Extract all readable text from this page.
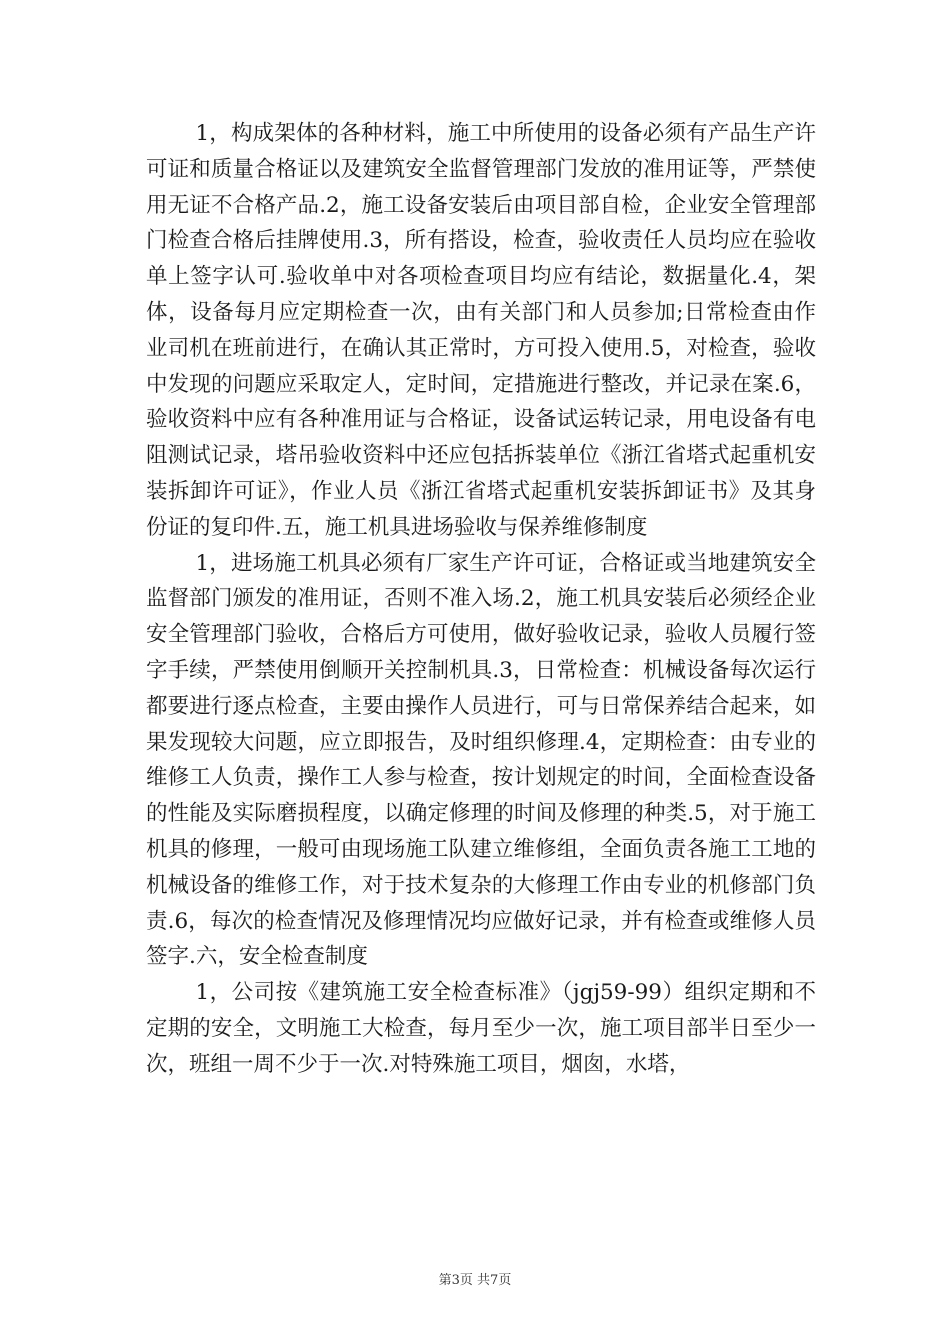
1，构成架体的各种材料，施工中所使用的设备必须有产品生产许可证和质量合格证以及建筑安全监督管理部门发放的准用证等，严禁使用无证不合格产品.2，施工设备安装后由项目部自检，企业安全管理部门检查合格后挂牌使用.3，所有搭设，检查，验收责任人员均应在验收单上签字认可.验收单中对各项检查项目均应有结论，数据量化.4，架体，设备每月应定期检查一次，由有关部门和人员参加;日常检查由作业司机在班前进行，在确认其正常时，方可投入使用.5，对检查，验收中发现的问题应采取定人，定时间，定措施进行整改，并记录在案.6，验收资料中应有各种准用证与合格证，设备试运转记录，用电设备有电阻测试记录，塔吊验收资料中还应包括拆装单位《浙江省塔式起重机安装拆卸许可证》，作业人员《浙江省塔式起重机安装拆卸证书》及其身份证的复印件.五，施工机具进场验收与保养维修制度

1，进场施工机具必须有厂家生产许可证，合格证或当地建筑安全监督部门颁发的准用证，否则不准入场.2，施工机具安装后必须经企业安全管理部门验收，合格后方可使用，做好验收记录，验收人员履行签字手续，严禁使用倒顺开关控制机具.3，日常检查：机械设备每次运行都要进行逐点检查，主要由操作人员进行，可与日常保养结合起来，如果发现较大问题，应立即报告，及时组织修理.4，定期检查：由专业的维修工人负责，操作工人参与检查，按计划规定的时间，全面检查设备的性能及实际磨损程度，以确定修理的时间及修理的种类.5，对于施工机具的修理，一般可由现场施工队建立维修组，全面负责各施工工地的机械设备的维修工作，对于技术复杂的大修理工作由专业的机修部门负责.6，每次的检查情况及修理情况均应做好记录，并有检查或维修人员签字.六，安全检查制度

1，公司按《建筑施工安全检查标准》（jgj59-99）组织定期和不定期的安全，文明施工大检查，每月至少一次，施工项目部半日至少一次，班组一周不少于一次.对特殊施工项目，烟囱，水塔，

第3页 共7页
